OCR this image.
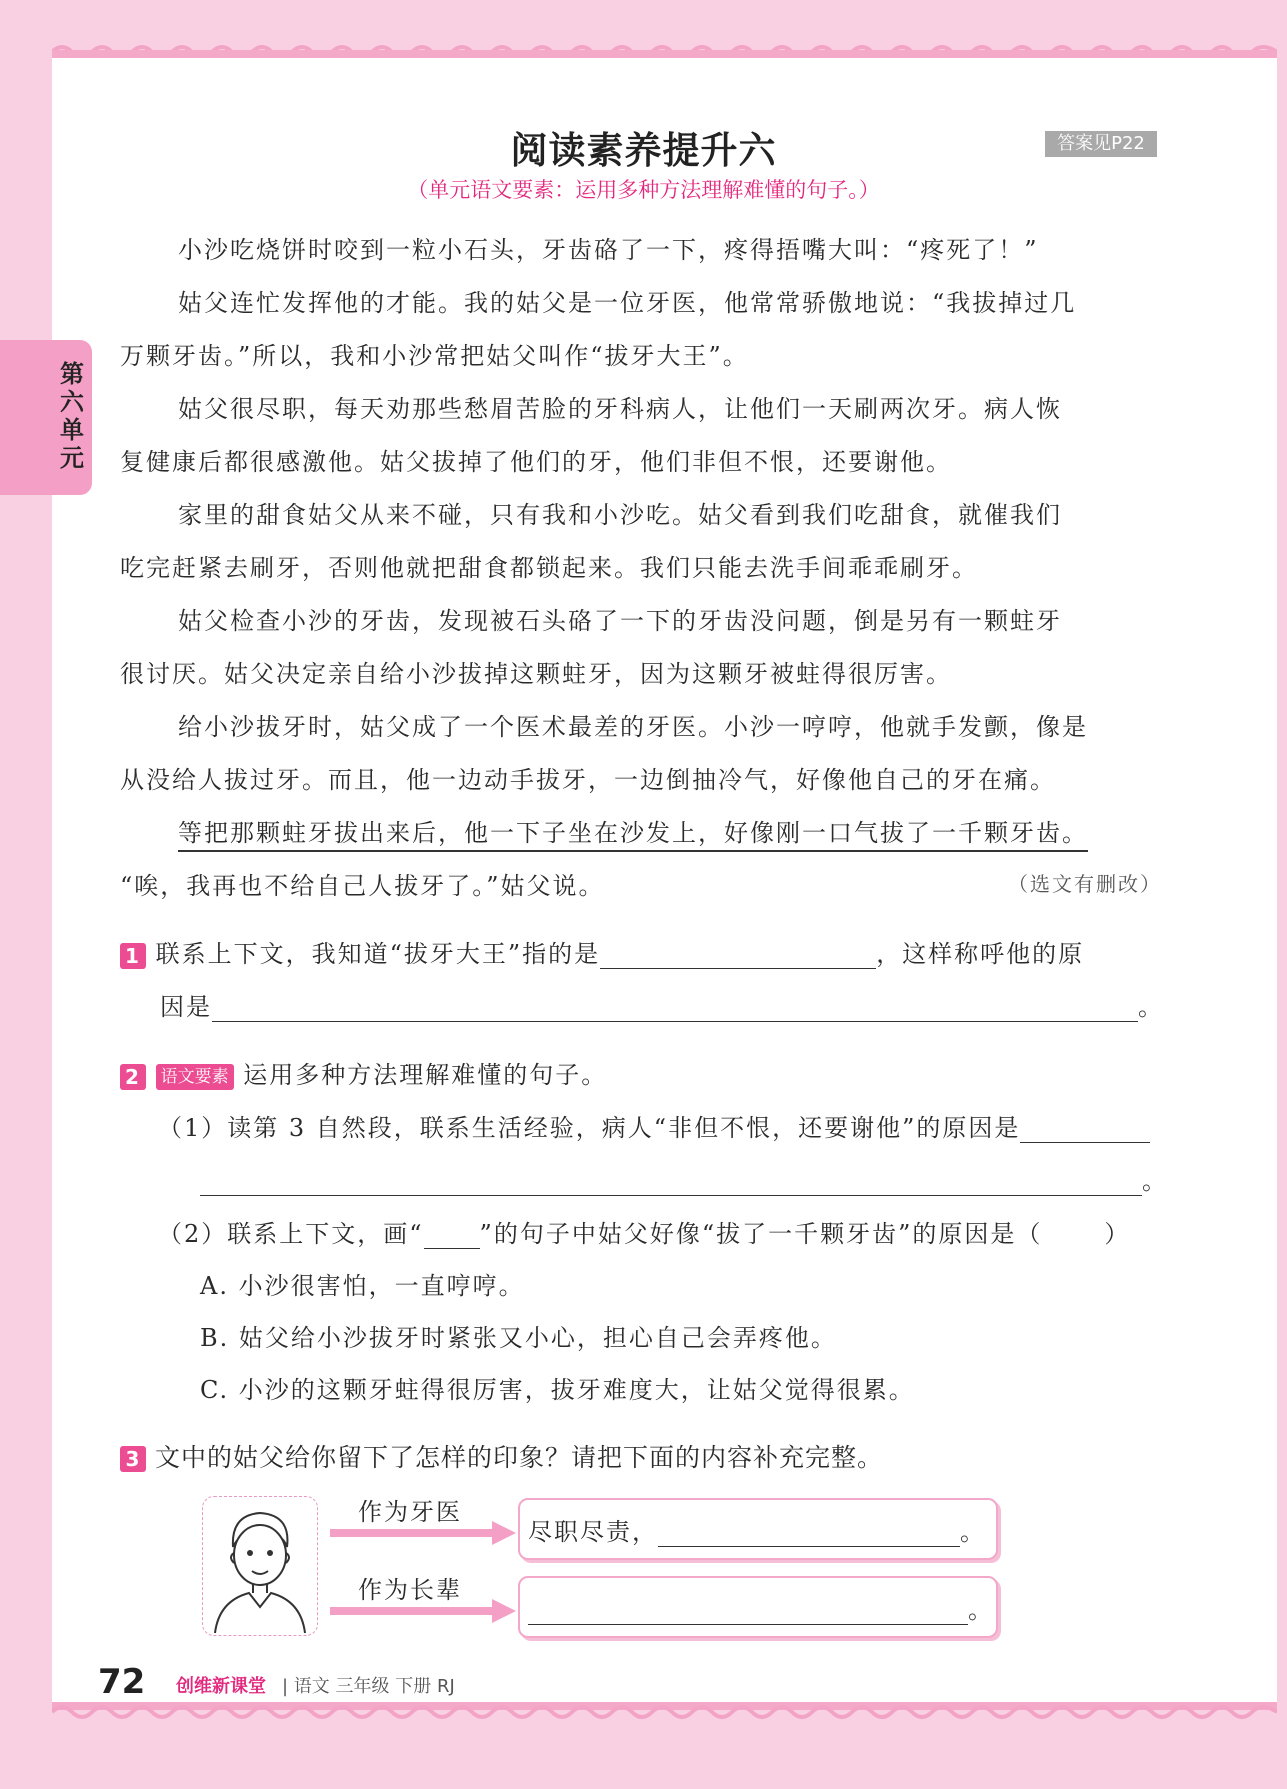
第六单元
阅读素养提升六	答案见P22
（单元语文要素：运用多种方法理解难懂的句子。）
小沙吃烧饼时咬到一粒小石头，牙齿硌了一下，疼得捂嘴大叫：“疼死了！”
姑父连忙发挥他的才能。我的姑父是一位牙医，他常常骄傲地说：“我拔掉过几
万颗牙齿。”所以，我和小沙常把姑父叫作“拔牙大王”。
姑父很尽职，每天劝那些愁眉苦脸的牙科病人，让他们一天刷两次牙。病人恢
复健康后都很感激他。姑父拔掉了他们的牙，他们非但不恨，还要谢他。
家里的甜食姑父从来不碰，只有我和小沙吃。姑父看到我们吃甜食，就催我们
吃完赶紧去刷牙，否则他就把甜食都锁起来。我们只能去洗手间乖乖刷牙。
姑父检查小沙的牙齿，发现被石头硌了一下的牙齿没问题，倒是另有一颗蛀牙
很讨厌。姑父决定亲自给小沙拔掉这颗蛀牙，因为这颗牙被蛀得很厉害。
给小沙拔牙时，姑父成了一个医术最差的牙医。小沙一哼哼，他就手发颤，像是
从没给人拔过牙。而且，他一边动手拔牙，一边倒抽冷气，好像他自己的牙在痛。
等把那颗蛀牙拔出来后，他一下子坐在沙发上，好像刚一口气拔了一千颗牙齿。
“唉，我再也不给自己人拔牙了。”姑父说。	（选文有删改）
1 联系上下文，我知道“拔牙大王”指的是	，这样称呼他的原
因是	。
2 语文要素 运用多种方法理解难懂的句子。
（1）读第 3 自然段，联系生活经验，病人“非但不恨，还要谢他”的原因是
。
（2）联系上下文，画“ ”的句子中姑父好像“拔了一千颗牙齿”的原因是（	）
A. 小沙很害怕，一直哼哼。
B. 姑父给小沙拔牙时紧张又小心，担心自己会弄疼他。
C. 小沙的这颗牙蛀得很厉害，拔牙难度大，让姑父觉得很累。
3 文中的姑父给你留下了怎样的印象？请把下面的内容补充完整。
作为牙医
尽职尽责，	。
作为长辈
。
72 创维新课堂 | 语文 三年级 下册 RJ
